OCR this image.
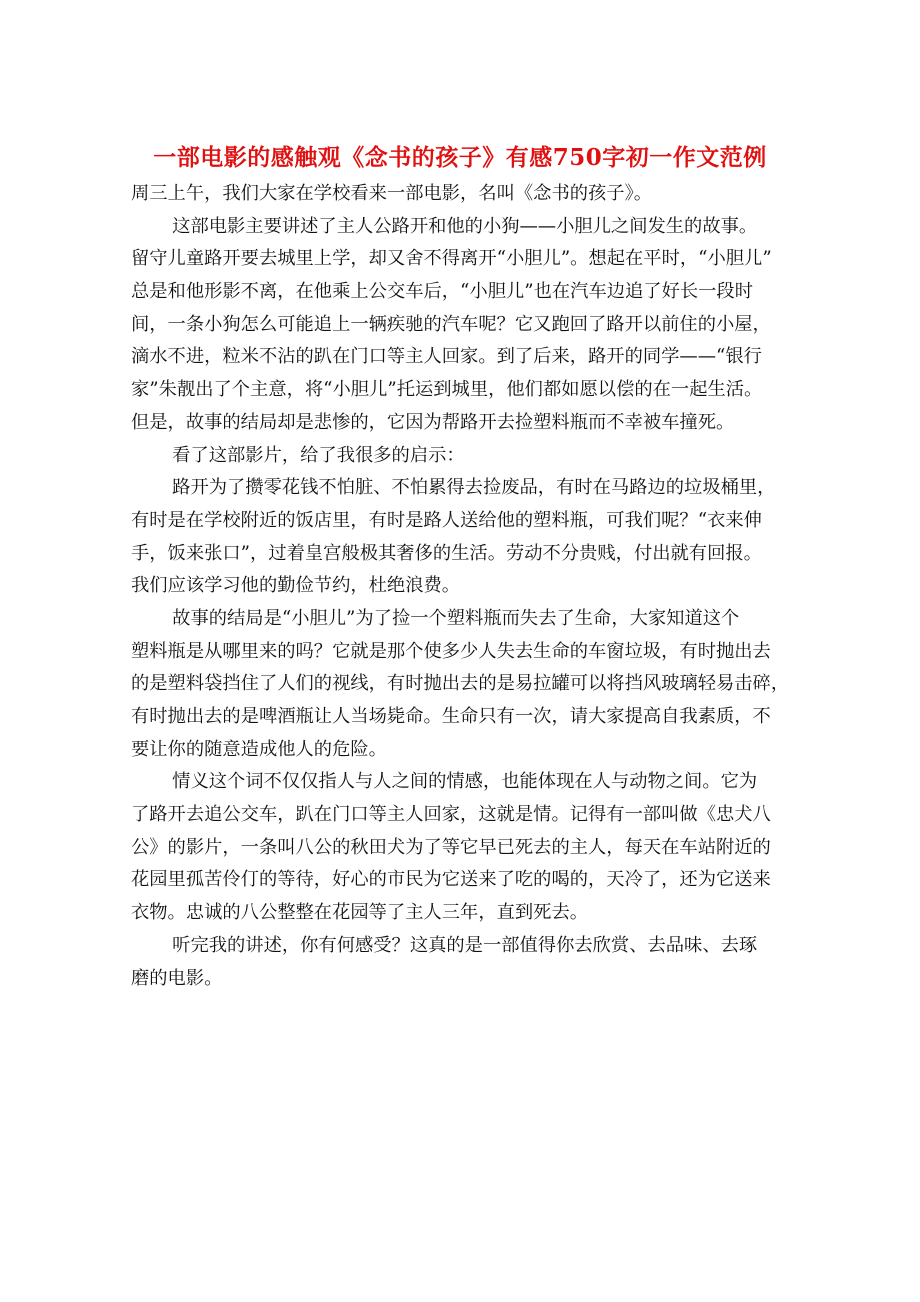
一部电影的感触观《念书的孩子》有感750字初一作文范例

周三上午，我们大家在学校看来一部电影，名叫《念书的孩子》。

这部电影主要讲述了主人公路开和他的小狗——小胆儿之间发生的故事。
留守儿童路开要去城里上学，却又舍不得离开“小胆儿”。想起在平时，“小胆儿”
总是和他形影不离，在他乘上公交车后，“小胆儿”也在汽车边追了好长一段时
间，一条小狗怎么可能追上一辆疾驰的汽车呢？它又跑回了路开以前住的小屋，
滴水不进，粒米不沾的趴在门口等主人回家。到了后来，路开的同学——“银行
家”朱靓出了个主意，将“小胆儿”托运到城里，他们都如愿以偿的在一起生活。
但是，故事的结局却是悲惨的，它因为帮路开去捡塑料瓶而不幸被车撞死。

看了这部影片，给了我很多的启示：

路开为了攒零花钱不怕脏、不怕累得去捡废品，有时在马路边的垃圾桶里，
有时是在学校附近的饭店里，有时是路人送给他的塑料瓶，可我们呢？“衣来伸
手，饭来张口”，过着皇宫般极其奢侈的生活。劳动不分贵贱，付出就有回报。
我们应该学习他的勤俭节约，杜绝浪费。

故事的结局是“小胆儿”为了捡一个塑料瓶而失去了生命，大家知道这个
塑料瓶是从哪里来的吗？它就是那个使多少人失去生命的车窗垃圾，有时抛出去
的是塑料袋挡住了人们的视线，有时抛出去的是易拉罐可以将挡风玻璃轻易击碎，
有时抛出去的是啤酒瓶让人当场毙命。生命只有一次，请大家提高自我素质，不
要让你的随意造成他人的危险。

情义这个词不仅仅指人与人之间的情感，也能体现在人与动物之间。它为
了路开去追公交车，趴在门口等主人回家，这就是情。记得有一部叫做《忠犬八
公》的影片，一条叫八公的秋田犬为了等它早已死去的主人，每天在车站附近的
花园里孤苦伶仃的等待，好心的市民为它送来了吃的喝的，天冷了，还为它送来
衣物。忠诚的八公整整在花园等了主人三年，直到死去。

听完我的讲述，你有何感受？这真的是一部值得你去欣赏、去品味、去琢
磨的电影。
